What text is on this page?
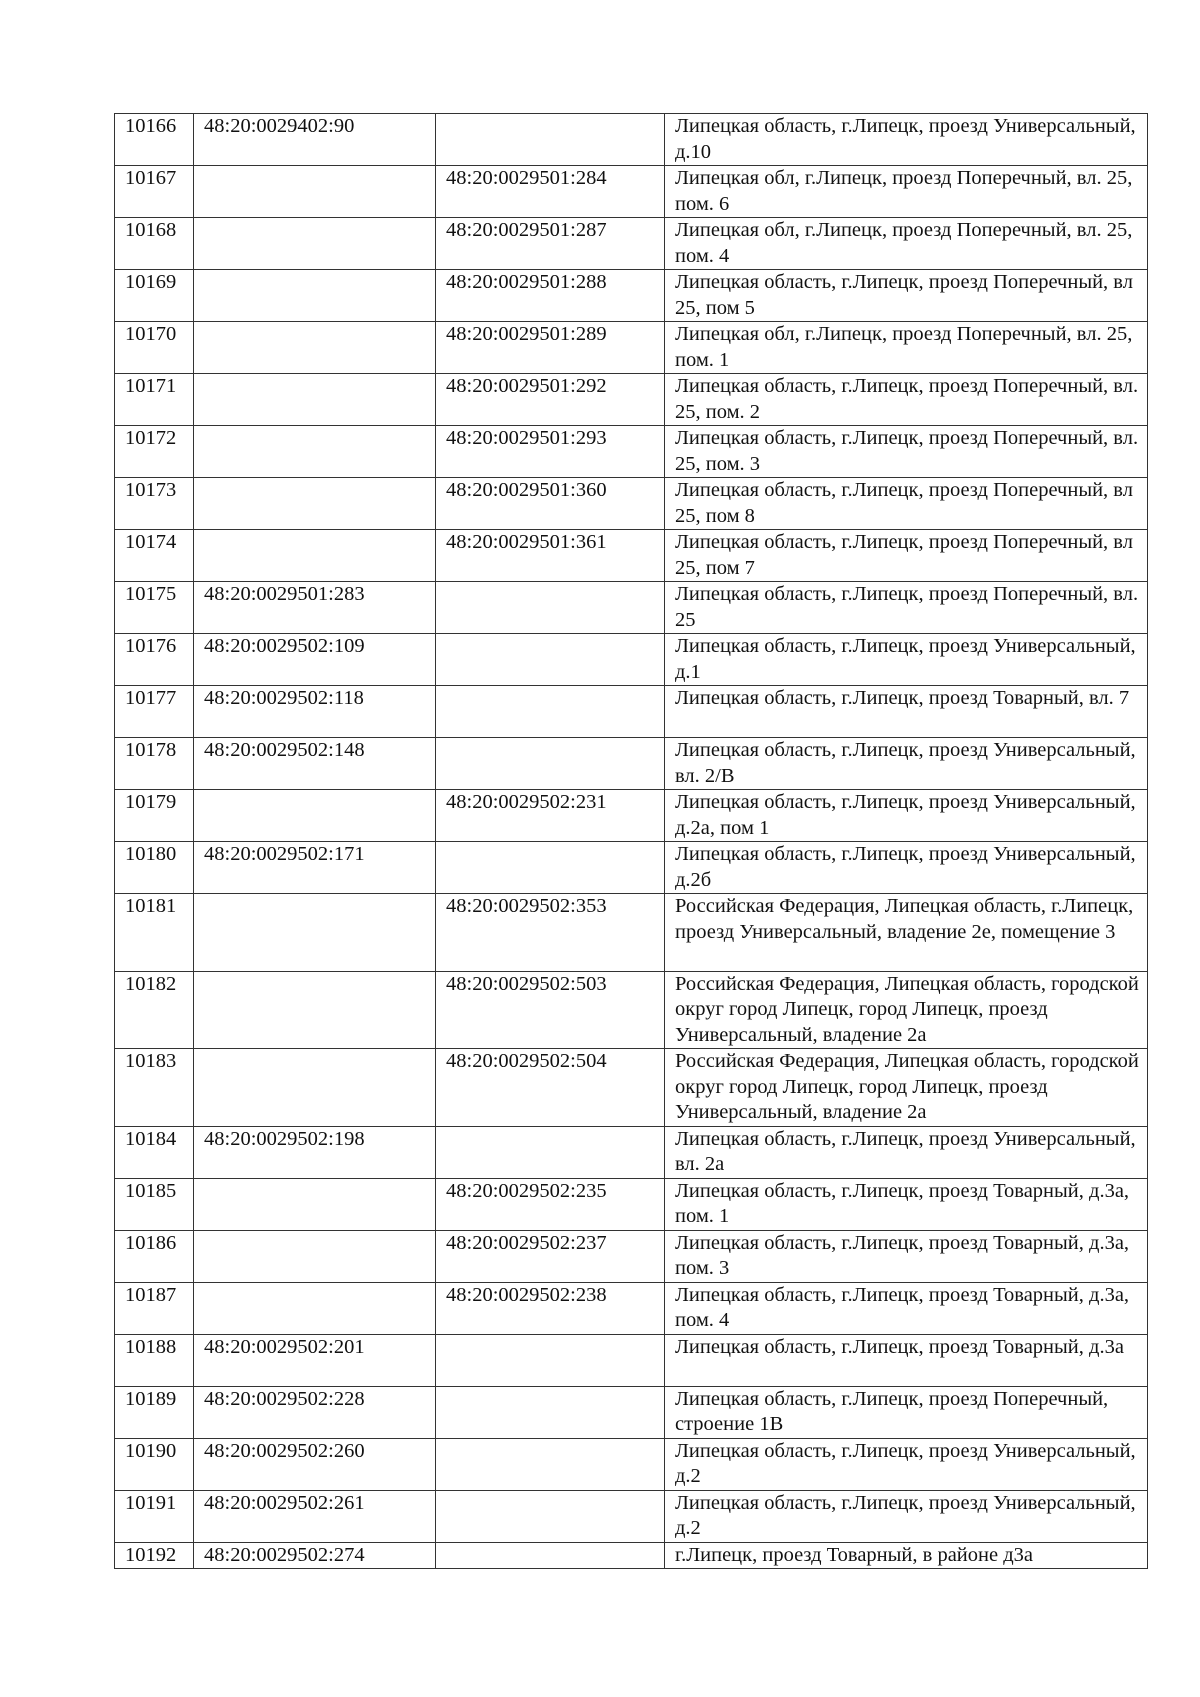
10166	48:20:0029402:90		Липецкая область, г.Липецк, проезд Универсальный, д.10
10167		48:20:0029501:284	Липецкая обл, г.Липецк, проезд Поперечный, вл. 25, пом. 6
10168		48:20:0029501:287	Липецкая обл, г.Липецк, проезд Поперечный, вл. 25, пом. 4
10169		48:20:0029501:288	Липецкая область, г.Липецк, проезд Поперечный, вл 25, пом 5
10170		48:20:0029501:289	Липецкая обл, г.Липецк, проезд Поперечный, вл. 25, пом. 1
10171		48:20:0029501:292	Липецкая область, г.Липецк, проезд Поперечный, вл. 25, пом. 2
10172		48:20:0029501:293	Липецкая область, г.Липецк, проезд Поперечный, вл. 25, пом. 3
10173		48:20:0029501:360	Липецкая область, г.Липецк, проезд Поперечный, вл 25, пом 8
10174		48:20:0029501:361	Липецкая область, г.Липецк, проезд Поперечный, вл 25, пом 7
10175	48:20:0029501:283		Липецкая область, г.Липецк, проезд Поперечный, вл. 25
10176	48:20:0029502:109		Липецкая область, г.Липецк, проезд Универсальный, д.1
10177	48:20:0029502:118		Липецкая область, г.Липецк, проезд Товарный, вл. 7
10178	48:20:0029502:148		Липецкая область, г.Липецк, проезд Универсальный, вл. 2/В
10179		48:20:0029502:231	Липецкая область, г.Липецк, проезд Универсальный, д.2а, пом 1
10180	48:20:0029502:171		Липецкая область, г.Липецк, проезд Универсальный, д.2б
10181		48:20:0029502:353	Российская Федерация, Липецкая область, г.Липецк, проезд Универсальный, владение 2е, помещение 3
10182		48:20:0029502:503	Российская Федерация, Липецкая область, городской округ город Липецк, город Липецк, проезд Универсальный, владение 2а
10183		48:20:0029502:504	Российская Федерация, Липецкая область, городской округ город Липецк, город Липецк, проезд Универсальный, владение 2а
10184	48:20:0029502:198		Липецкая область, г.Липецк, проезд Универсальный, вл. 2а
10185		48:20:0029502:235	Липецкая область, г.Липецк, проезд Товарный, д.3а, пом. 1
10186		48:20:0029502:237	Липецкая область, г.Липецк, проезд Товарный, д.3а, пом. 3
10187		48:20:0029502:238	Липецкая область, г.Липецк, проезд Товарный, д.3а, пом. 4
10188	48:20:0029502:201		Липецкая область, г.Липецк, проезд Товарный, д.3а
10189	48:20:0029502:228		Липецкая область, г.Липецк, проезд Поперечный, строение 1В
10190	48:20:0029502:260		Липецкая область, г.Липецк, проезд Универсальный, д.2
10191	48:20:0029502:261		Липецкая область, г.Липецк, проезд Универсальный, д.2
10192	48:20:0029502:274		г.Липецк, проезд Товарный, в районе д3а
